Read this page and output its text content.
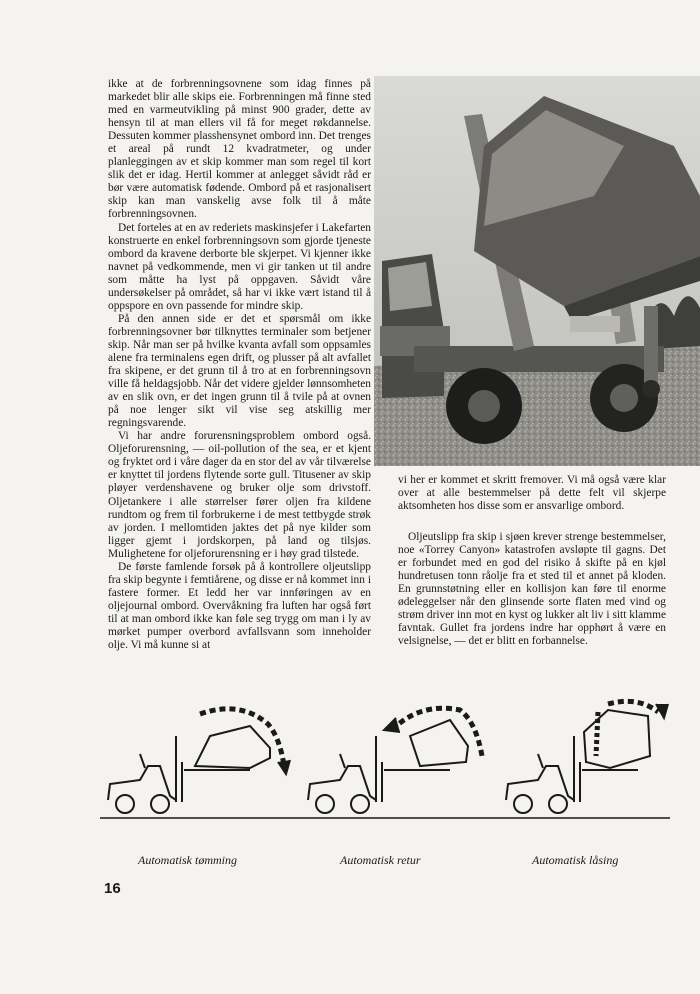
ikke at de forbrenningsovnene som idag finnes på markedet blir alle skips eie. Forbrenningen må finne sted med en varmeutvikling på minst 900 grader, dette av hensyn til at man ellers vil få for meget røkdannelse. Dessuten kommer plasshensynet ombord inn. Det trenges et areal på rundt 12 kvadratmeter, og under planleggingen av et skip kommer man som regel til kort slik det er idag. Hertil kommer at anlegget såvidt råd er bør være automatisk fødende. Ombord på et rasjonalisert skip kan man vanskelig avse folk til å måte forbrenningsovnen.

Det forteles at en av rederiets maskinsjefer i Lakefarten konstruerte en enkel forbrenningsovn som gjorde tjeneste ombord da kravene derborte ble skjerpet. Vi kjenner ikke navnet på vedkommende, men vi gir tanken ut til andre som måtte ha lyst på oppgaven. Såvidt våre undersøkelser på området, så har vi ikke vært istand til å oppspore en ovn passende for mindre skip.

På den annen side er det et spørsmål om ikke forbrenningsovner bør tilknyttes terminaler som betjener skip. Når man ser på hvilke kvanta avfall som oppsamles alene fra terminalens egen drift, og plusser på alt avfallet fra skipene, er det grunn til å tro at en forbrenningsovn ville få heldagsjobb. Når det videre gjelder lønnsomheten av en slik ovn, er det ingen grunn til å tvile på at ovnen på noe lenger sikt vil vise seg atskillig mer regningsvarende.

Vi har andre forurensningsproblem ombord også. Oljeforurensning, — oil-pollution of the sea, er et kjent og fryktet ord i våre dager da en stor del av vår tilværelse er knyttet til jordens flytende sorte gull. Titusener av skip pløyer verdenshavene og bruker olje som drivstoff. Oljetankere i alle størrelser fører oljen fra kildene rundtom og frem til forbrukerne i de mest tettbygde strøk av jorden. I mellomtiden jaktes det på nye kilder som ligger gjemt i jordskorpen, på land og tilsjøs. Mulighetene for oljeforurensning er i høy grad tilstede.

De første famlende forsøk på å kontrollere oljeutslipp fra skip begynte i femtiårene, og disse er nå kommet inn i fastere former. Et ledd her var innføringen av en oljejournal ombord. Overvåkning fra luften har også ført til at man ombord ikke kan føle seg trygg om man i ly av mørket pumper overbord avfallsvann som inneholder olje. Vi må kunne si at

vi her er kommet et skritt fremover. Vi må også være klar over at alle bestemmelser på dette felt vil skjerpe aktsomheten hos disse som er ansvarlige ombord.

Oljeutslipp fra skip i sjøen krever strenge bestemmelser, noe «Torrey Canyon» katastrofen avsløpte til gagns. Det er forbundet med en god del risiko å skifte på en kjøl hundretusen tonn råolje fra et sted til et annet på kloden. En grunnstøtning eller en kollisjon kan føre til enorme ødeleggelser når den glinsende sorte flaten med vind og strøm driver inn mot en kyst og lukker alt liv i sitt klamme favntak. Gullet fra jordens indre har opphørt å være en velsignelse, — det er blitt en forbannelse.

Automatisk tømming	Automatisk retur	Automatisk låsing
16
